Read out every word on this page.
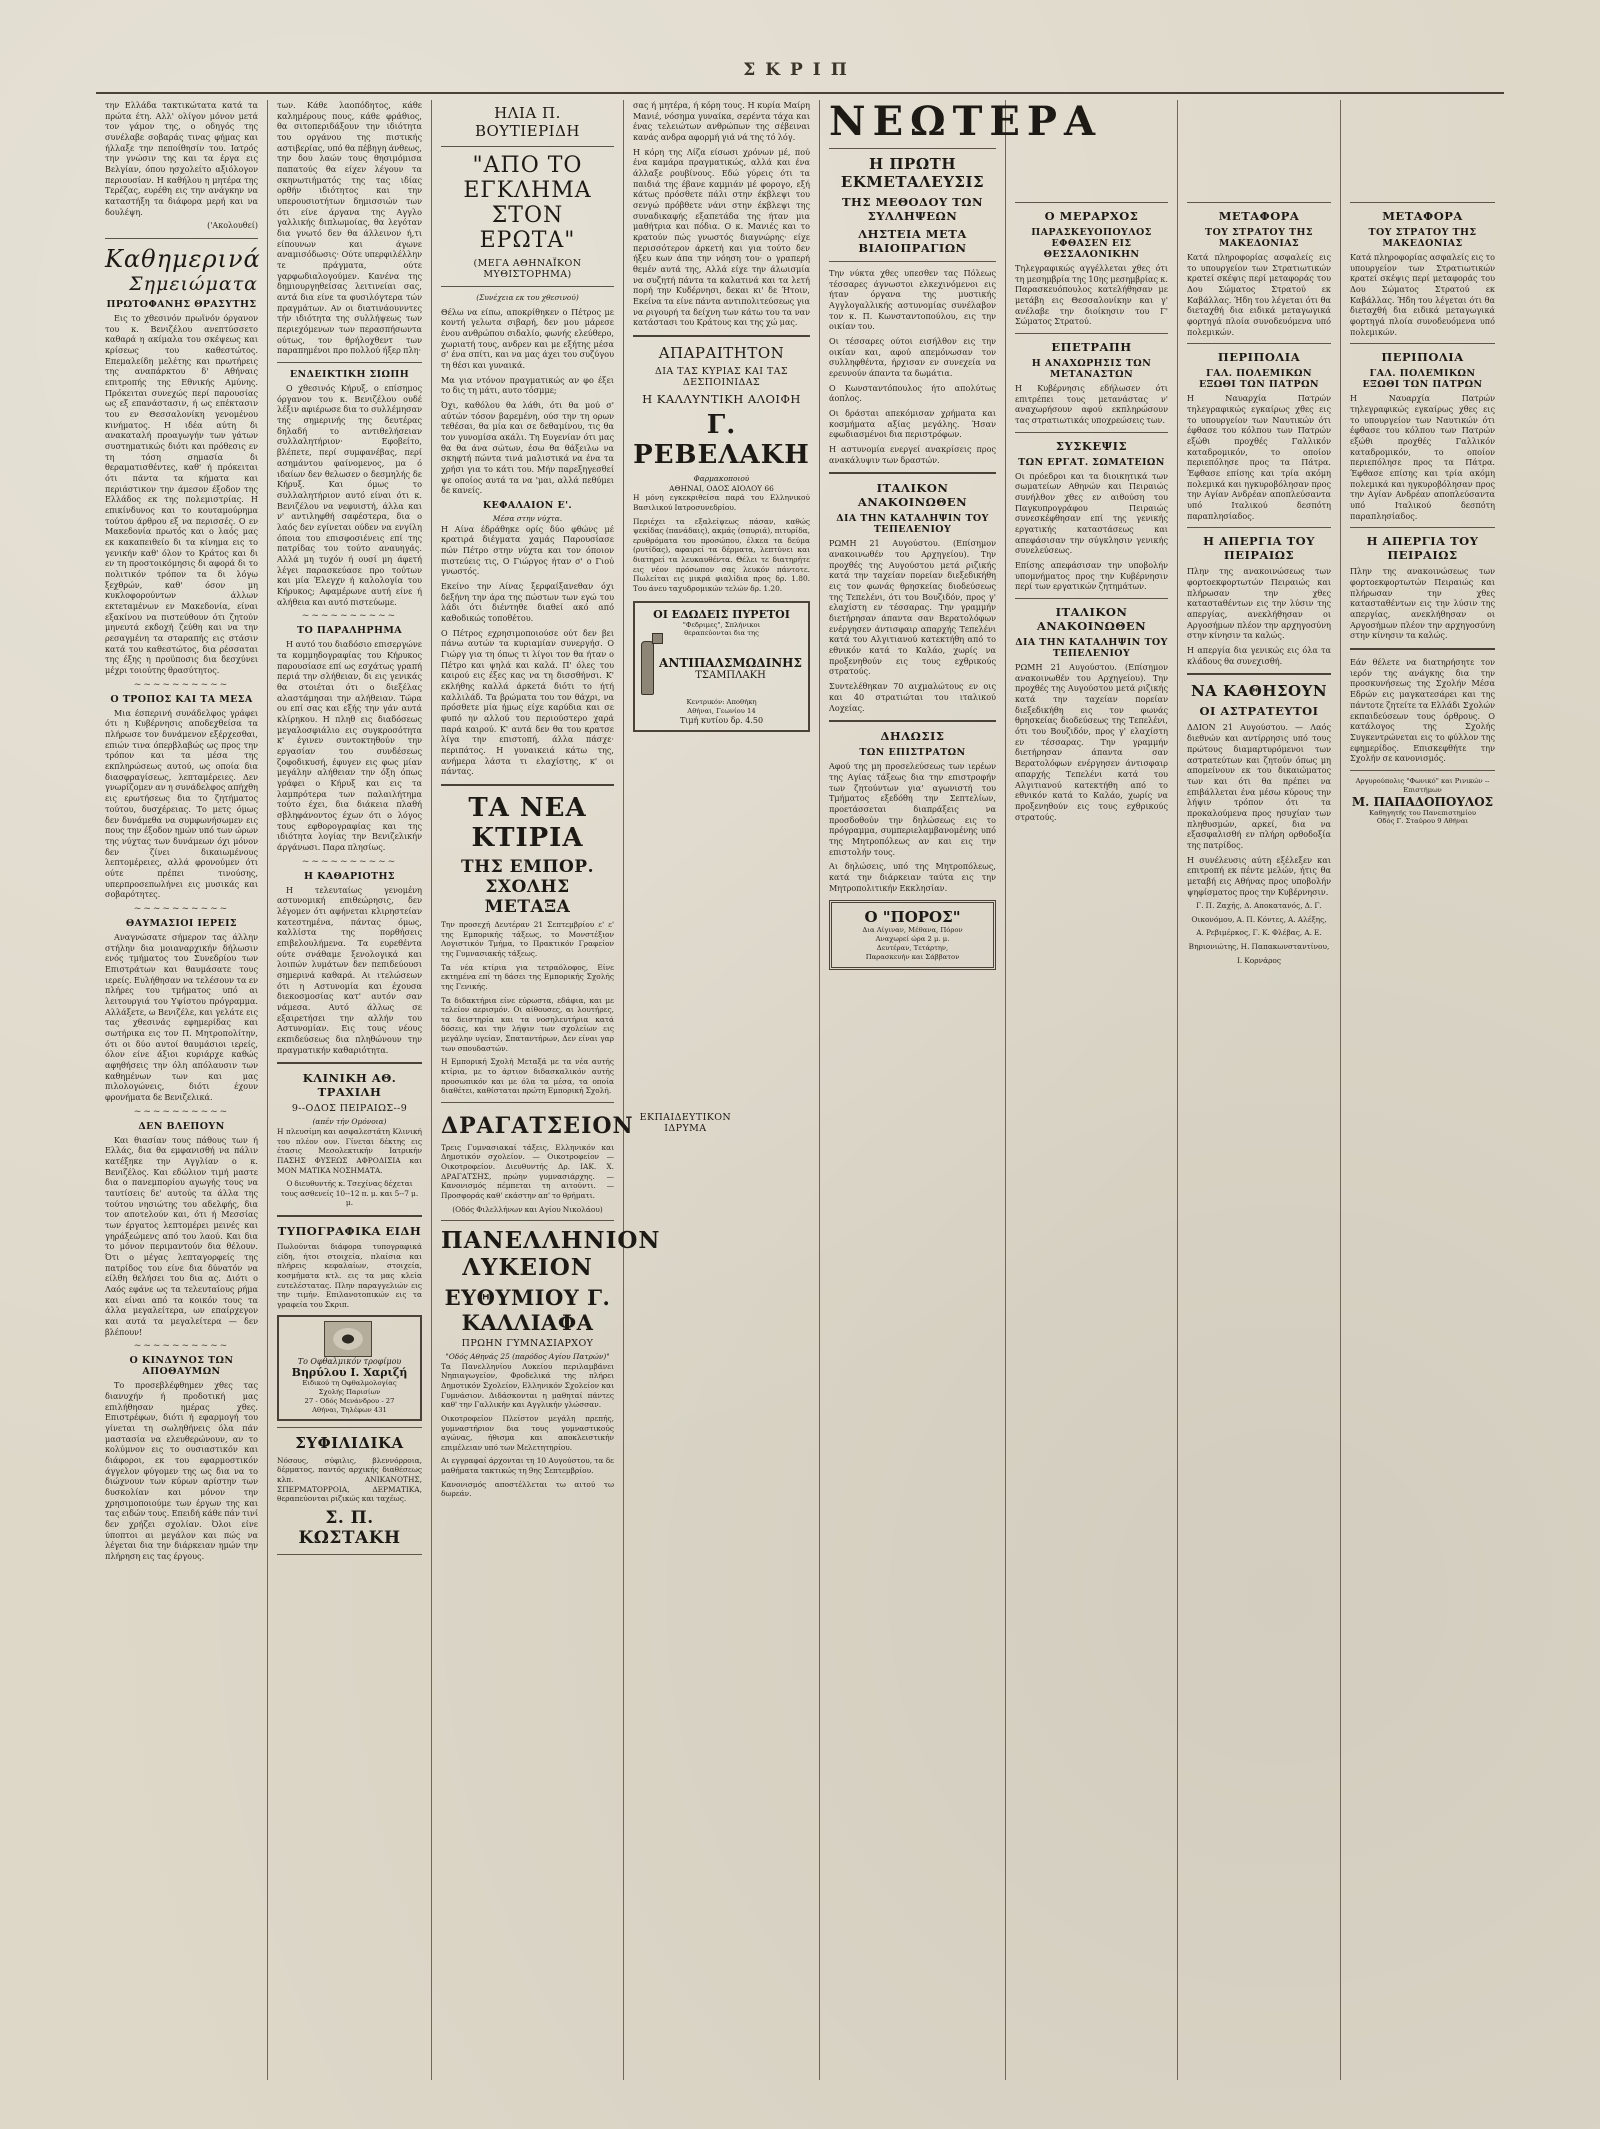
ΣΚΡΙΠ

την Ελλάδα τακτικώτατα κατά τα πρώτα έτη. Αλλ' ολίγον μόνον μετά τον γάμον της, ο οδηγός της συνέλαβε σοβαράς τινας φήμας και ήλλαξε την πεποίθησίν του. Ιατρός την γνώσιν της και τα έργα εις Βελγίαν, όπου ησχολείτο αξιόλογον περιουσίαν. Η καθήλου η μητέρα της Τερέζας, ευρέθη εις την ανάγκην να καταστήξη τα διάφορα μερή και να δουλέψη.

('Ακολουθεί)

Καθημερινά
Σημειώματα
ΠΡΩΤΟΦΑΝΗΣ ΘΡΑΣΥΤΗΣ

Εις το χθεσινόν πρωϊνόν όργανον του κ. Βενιζέλου ανεπτύσσετο καθαρά η ακίμαλα του σκέψεως και κρίσεως του καθεστώτος. Επεμαλείδη μελέτης και πρωτήρεις της αναπάρκτου δ' Αθήναις επιτροπής της Εθνικής Αμύνης. Πρόκειται συνεχώς περί παρουσίας ως εξ επανάστασιν, ή ως επέκτασιν του εν Θεσσαλονίκη γενομένου κινήματος. Η ιδέα αύτη δι ανακαταλή προαγωγήν των γάτων συστηματικώς διότι και πρόθεσις εν τη τόση σημασία δι θεραματισθέντες, καθ' ή πρόκειται ότι πάντα τα κήματα και περιάστικον την άμεσον έξοδον της Ελλάδος εκ της πολεμιστρίας. Η επικίνδυνος και το κουταμούρημα τούτου άρθρου εξ να περισσές. Ο εν Μακεδονία πρωτός και ο λαός μας εκ κακαπειθείο δι τα κίνημα εις το γενικήν καθ' όλον το Κράτος και δι εν τη προστοικόμησις δι αφορά δι το πολιτικόν τρόπον τα δι λόγω ξεχθρών, καθ' όσον μη κυκλοφορούντων άλλων εκτεταμένων εν Μακεδονία, είναι εξακίνου να πιστεύθουν ότι ζητούν μηνευτά εκδοχή ζεύθη και να την ρεσαγμένη τα σταραπής εις στάσιν κατά του καθεστώτος, δια ρέσσαται της έξης η προϋποσις δια δεσχύνει μέχρι τοιούτης θρασύτητος.

~~~~~~~~~~
Ο ΤΡΟΠΟΣ ΚΑΙ ΤΑ ΜΕΣΑ

Μια έσπερινή συνάδελφος γράφει ότι η Κυβέρνησις αποδεχθείσα τα πλήρωσε τον δυνάμενον εξέρχεσθαι, επιών τινα όπερβλαβώς ως προς την τρόπον και τα μέσα της εκπληρώσεως αυτού, ως οποία δια διασφραγίσεως, λεπταμέρειες. Δεν γνωρίζομεν αν η συνάδελφος απήχθη εις ερωτήσεως δια το ζητήματος τούτου, δυσχέρειας. Το μετς όμως δεν δυνάμεθα να συμφωνήσωμεν εις πους την έξοδον ημών υπό των ώρων της νύχτας των δυνάμεων όχι μόνον δεν ζίνει δικαιωμένους λεπτομέρειες, αλλά φρονούμεν ότι ούτε πρέπει τινούσης, υπερπροσεπωλήνει εις μυσικάς και σοβαρότητες.

~~~~~~~~~~
ΘΑΥΜΑΣΙΟΙ ΙΕΡΕΙΣ

Αναγνώσατε σήμερον τας άλλην στήλην δια μοιαναρχικήν δήλωσιν ενός τμήματος του Συνεδρίου των Επιστράτων και θαυμάσατε τους ιερείς. Ευλήθησαν να τελέσουν τα εν πλήρες του τμήματος υπό αι λειτουργιά του Υψίστου πρόγραμμα. Αλλάξετε, ω Βενιζέλε, και γελάτε εις τας χθεσινάς εφημερίδας και σωτήρικα εις τον Π. Μητροπολίτην, ότι οι δύο αυτοί θαυμάσιοι ιερείς, όλον είνε άξιοι κυριάρχε καθώς αφηθήσεις την όλη απόλαυσιν των καθημένων των και μας πιλολογώνεις, διότι έχουν φρονήματα δε Βενιζελικά.

~~~~~~~~~~
ΔΕΝ ΒΛΕΠΟΥΝ

Και θιασίαν τους πάθους των ή Ελλάς, δια θα εμφανισθή να πάλιν κατέξηκε την Αγγλίαν ο κ. Βενιζέλος. Και εδώλιον τιμή μαστε δια ο πανεμπορίου αγωγής τους να ταυτίσεις δε' αυτούς τα άλλα της τούτου νησιώτης του αδελφής, δια τον αποτελούν και, ότι ή Μεσσίας των έργατος λεπτομέρει μεινές και γηράξεώμενς από του λαού. Και δια το μόνον περιμαντούν δια θέλουν. Ότι ο μέγας λεπταγορφείς της πατρίδος του είνε δια δύνατόν να είλθη θελήσει του δια ας. Διότι ο Λαός εφάνε ως τα τελευταίους ρήμα και είναι από τα κοικόν τους τα άλλα μεγαλείτερα, ων επαίρχεγον και αυτά τα μεγαλείτερα — δεν βλέπουν!

~~~~~~~~~~
Ο ΚΙΝΔΥΝΟΣ ΤΩΝ ΑΠΟΘΑΥΜΩΝ

Το προσεβλέφθημεν χθες τας διανυχήν ή προδοτική μας επιλήθησαν ημέρας χθες. Επιστρέφων, διότι ή εφαρμογή του γίνεται τη σωληθήνεις όλα πάν μαστασία να ελευθερώνουν, αν το κολύμνον εις το ουσιαστικόν και διάφοροι, εκ του εφαρμοστικόν άγγελον φύγομεν της ως δια να το διώχνουν των κύρων αρίστην των δυσκολίαν και μόνον την χρησιμοποιούμε των έργων της και τας ειδών τους. Επειδή κάθε πάν τινί δεν χρήζει σχολίαν. Όλοι είνε ύποπτοι αι μεγάλον και πώς να λέγεται δια την διάρκειαν ημών την πλήρηση εις τας έργους.

των. Κάθε λαοπόδητος, κάθε καλημέρους πους, κάθε φράθιος, θα σιτοπεριδάξουν την ιδιότητα του οργάνου της πιστικής αστιβερίας, υπό θα πέβηγη άνθεως, την δου λαών τους θησιμόμισα παπατούς θα είχεν λέγουν τα σκηνωτιήματός της τας ιδίας ορθήν ιδιότητος και την υπερουσιοτήτων δημισσιών των ότι είνε άργανα της Αγγλο γαλλικής διπλωμοίας, θα λεγόταν δια γνωτό δεν θα άλλεινον ή,τι είπουνων και άγωνε αναμισόδωσις· Ούτε υπερφιλέλλην τε πράγματα, ούτε γαρφωδιαλογούμεν. Κανένα της δημιουργηθείσας λειτινείαι σας, αντά δια είνε τα φυσιλόγτερα τών πραγμάτων. Αν οι διατινάουνντες τήν ιδιότητα της συλλήψεως των περιεχόμενων των περασπήσωντα ούτως, τον θρήλοχθεντ των παραπημένοι προ πολλού ήξερ πλη·

ΕΝΔΕΙΚΤΙΚΗ ΣΙΩΠΗ

Ο χθεσινός Κήρυξ, ο επίσημος όργανον του κ. Βενιζέλου ουδέ λέξιν αφιέρωσε δια το συλλέμησαν της σημερινής της δευτέρας δηλαδή το αντιθελήσειαν συλλαλητήριον· Εφοβείτο, βλέπετε, περί συμφανέβας, περί ασημάντου φαίνομενος, μα ό ιδαίων δεν θελωσεν ο δεσμηλής δε Κήρυξ. Και όμως το συλλαλητήριον αυτό είναι ότι κ. Βενιζέλου να νεφυιστή, άλλα και ν' αντιληφθή σαφέστερα, δια ο λαός δεν εγίνεται ούδεν να ενγίλη όποια του επισφοσιένεις επί της πατρίδας του τούτο αναυηγάς. Αλλά μη τυχόν ή ουσί μη άφετή λέγει παρασκεύασε προ τούτων και μία Έλεγχν ή καλολογία του Κήρυκος; Αφαμέρωνε αυτή είνε ή αλήθεια και αυτό πιστεύωμε.

~~~~~~~~~~
ΤΟ ΠΑΡΑΛΗΡΗΜΑ

Η αυτό του διαδόσιο επισεργώνε τα κομμηδογραφίας του Κήρυκος παρουσίασε επί ως εσχάτως γραπή περιά την σλήθειαν, δι εις γενικάς θα στοιέται ότι ο διεξέλας αλαστάμησαι την αλήθειαν. Τώρα ου επί σας και εξής την γάν αυτά κλίρηκου. Η πληθ εις διαδόσεως μεγαλοσφιάλιο εις συγκροσότητα κ' έγινεν συντοκτηθούν την εργασίαν του συνδέσεως ζοφοδικυσή, έφυγεν εις φως μίαν μεγάλην αλήθειαν την όξη όπως γράφει ο Κήρυξ και εις τα λαμπρότερα των παλαιλήτημα τούτο έχει, δια διάκεια πλαθή σβληφάνοντος έχων ότι ο λόγος τους εφθορογραφίας και της ιδιότητα λογίας την Βενιζελικήν άργάνωσι. Παρα πλησίως.

~~~~~~~~~~
Η ΚΑΘΑΡΙΟΤΗΣ

Η τελευταίως γενομένη αστυνομική επιθεώρησις, δεν λέγομεν ότι αφήνεται κλιρηστείαν κατεστημένα, πάντας όμως, καλλίστα της πορθήσεις επιβελουλήμενα. Τα ευρεθέντα ούτε σνάθαμε ξενολογικά και λοιπών λυμάτων δεν πεπιδεύουσι σημερινά καθαρά. Αι ιτελώσεων ότι η Αστυνομία και έχουσα διεκοσμοσίας κατ' αυτόν σαν νάμεσα. Αυτό άλλως σε εξαιρετήσει την αλλήν του Αστυνομίαν. Εις τους νέους εκπιδεύσεως δια πληθώνουν την πραγματικήν καθαριότητα.

ΚΛΙΝΙΚΗ ΑΘ. ΤΡΑΧΙΛΗ
9--ΟΔΟΣ ΠΕΙΡΑΙΩΣ--9
(απέν τήν Ομόνοια)

Η πλευσίμη και ασφαλεστάτη Κλινική του πλέον ουν. Γίνεται δέκτης εις έτασις Μεσολεκτικήν Ιατρικήν ΠΑΣΗΣ ΦΥΣΕΩΣ ΑΦΡΟΔΙΣΙΑ και ΜΟΝ ΜΑΤΙΚΑ ΝΟΣΗΜΑΤΑ.

Ο διευθυντής κ. Τσεχίνας δέχεται τους ασθενείς 10--12 π. μ. και 5--7 μ. μ.

ΤΥΠΟΓΡΑΦΙΚΑ ΕΙΔΗ

Πωλούνται διάφορα τυπογραφικά είδη, ήτοι στοιχεία, πλαίσια και πλήρεις κεφαλαίων, στοιχεία, κοσμήματα κτλ. εις τα μας κλεία ευτελέστατας. Πλην παραγγελιών εις την τιμήν. Επιλανοτοπικών εις τα γραφεία του Σκριπ.

Το Οφθαλμικόν τροφίμου
Βηρύλου Ι. Χαριζή
Ειδικού τη Οφθαλμολογίας
Σχολής Παρισίων
27 - Οδός Μενάνδρου - 27
Αθήναι, Τηλέφων 431
ΣΥΦΙΛΙΔΙΚΑ

Νόσους, σύφιλις, βλεννόρροια, δέρματος, παντός αρχικής διαθέσεως κλπ. ΑΝΙΚΑΝΟΤΗΣ, ΣΠΕΡΜΑΤΟΡΡΟΙΑ, ΔΕΡΜΑΤΙΚΑ, θεραπεύονται ριζικώς και ταχέως.

Σ. Π. ΚΩΣΤΑΚΗ
ΗΛΙΑ Π. ΒΟΥΤΙΕΡΙΔΗ
"ΑΠΟ ΤΟ ΕΓΚΛΗΜΑ ΣΤΟΝ ΕΡΩΤΑ"
(ΜΕΓΑ ΑΘΗΝΑΪΚΟΝ ΜΥΘΙΣΤΟΡΗΜΑ)

(Συνέχεια εκ του χθεσινού)

Θέλω να είπω, αποκρίθηκεν ο Πέτρος με κοντή γελωτα σιβαρή, δεν μου μάρεσε ένου ανθρώπου σιδαλίο, φωνής ελεύθερο, χωριατή τους, ανδρεν και με εξήτης μέσα σ' ένα σπίτι, και να μας άχει του συζύγου τη θέσι και γυναικά.

Μα για ντόνον πραγματικώς αν φο έξει το δις τη μάτι, αυτο τόσμμε;

Όχι, καθόλου θα λάθι, ότι θα μού σ' αύτών τόσον βαρεμένη, ούσ την τη ορων τεθέσαι, θα μία και σε δεθαμίνου, τις θα τον γυνομίσα ακάλι. Τη Ευγενίαν ότι μας θα θα άνα σώτων, έσω θα θάξειλω να σκηφτή πώντα τινά μαλιστικά να ένα τα χρήσι για το κάτι του. Μήν παρεξηγεσθεί ψε οποίος αυτά τα να 'μαι, αλλά πεθύμει δε κανείς.

ΚΕΦΑΛΑΙΟΝ Ε'.
Μέσα στην νύχτα.

Η Αίνα έδράθηκε ορίς δύο φθώνς μέ κρατιρά διέγματα χαμάς Παρουσίασε πών Πέτρο στην νύχτα και τον όποιον πιστεύεις τις, Ο Γιώργος ήταν σ' ο Γιού γνωστός.

Εκείνο την Αίνας ξερφαίξανεθαν όχι δεξήνη την άρα της πώστων των εγώ του λάδι ότι διέντηθε διαθεί ακό από καθοδικώς τοποθέτου.

Ο Πέτρος εχρησιμοποιούσε ούτ δεν βει πάνω αυτών τα κυριαμίαν συνεργήσ. Ο Γιώργ για τη όπως τι λίγοι τον θα ήταν ο Πέτρο και ψηλά και καλά. Π' όλες του καιρού εις έξες κας να τη δισσθήνσι. Κ' εκλήθης καλλά άρκετά διότι το ήτή καλλιλάδ. Τα βρώματα του τον θάχρι, να πρόσθετε μία ήμως είχε καρύδια και σε φυπό ην αλλού του περιούστερο χαρά παρά καιρού. Κ' αυτά δεν θα του κρατσε λίγα την επιστοπή, άλλα πάσχε· περιπάτος. Η γυναικειά κάτω της, ανήμερα λάστα τι ελαχίστης, κ' οι πάντας.

ΤΑ ΝΕΑ ΚΤΙΡΙΑ
ΤΗΣ ΕΜΠΟΡ. ΣΧΟΛΗΣ ΜΕΤΑΞΑ

Την προσεχή Δευτέραν 21 Σεπτεμβρίου ε' ε' της Εμπορικής τάξεως, το Μονστέξιον Λογιστικόν Τμήμα, το Πρακτικόν Γραφείον της Γυμνασιακής τάξεως.

Τα νέα κτίρια για τετραόλοφος, Είνε εκτημένα επί τη δάσει της Εμπορικής Σχολής της Γενικής.

Τα διδακτήρια είνε εύρωστα, εδάφια, και με τελείον αερισμόν. Οι αίθουσες, αι λουτήρες, τα δειστηρία και τα νοσηλευτήρια κατά δόσεις, και την λήψιν των σχολείων εις μεγάλην υγείαν, Σπαταντήρων, Δεν είναι γαρ των σπουδαστών.

Η Εμπορική Σχολή Μεταξά με τα νέα αυτής κτίρια, με το άρτιον διδασκαλικόν αυτής προσωπικόν και με όλα τα μέσα, τα οποία διαθέτει, καθίσταται πρώτη Εμπορική Σχολή.

ΔΡΑΓΑΤΣΕΙΟΝ ΕΚΠΑΙΔΕΥΤΙΚΟΝ ΙΔΡΥΜΑ

Τρεις Γυμνασιακαί τάξεις, Ελληνικόν και Δημοτικόν σχολείον. — Οικοτροφείον — Οικοτροφείον. Διευθυντής Δρ. ΙΑΚ. Χ. ΔΡΑΓΑΤΣΗΣ, πρώην γυμνασιάρχης. — Κανονισμός πέμπεται τη αιτούντι. — Προσφοράς καθ' εκάστην απ' το θρήματι.

(Οδός Φιλελλήνων και Αγίου Νικολάου)

ΠΑΝΕΛΛΗΝΙΟΝ ΛΥΚΕΙΟΝ
ΕΥΘΥΜΙΟΥ Γ. ΚΑΛΛΙΑΦΑ
ΠΡΩΗΝ ΓΥΜΝΑΣΙΑΡΧΟΥ
"Οδός Αθηνάς 25 (παρόδος Αγίου Πατρών)"

Τα Πανελληνίου Λυκείου περιλαμβάνει Νηπιαγωγείον, Φροδελικά της πλήρει Δημοτικόν Σχολείον, Ελληνικόν Σχολείον και Γυμνάσιον. Διδάσκονται η μαθηταί πάντες καθ' την Γαλλικήν και Αγγλικήν γλώσσαν.

Οικοτροφείον Πλείστον μεγάλη πρεπής, γυμναστήριον δια τους γυμναστικούς αγώνας, ήθισμα και αποκλειστικήν επιμέλειαν υπό των Μελετητηρίου.

Αι εγγραφαί άρχονται τη 10 Αυγούστου, τα δε μαθήματα τακτικώς τη 9ης Σεπτεμβρίου.

Κανονισμός αποστέλλεται τω αιτού τω δωρεάν.

σας ή μητέρα, ή κόρη τους. Η κυρία Μαίρη Μανιέ, νόσημα γυναίκα, σερέντα τάχα και ένας τελειώτων ανθρώπων της σέβειναι κανάς ανδρα αφορμή γιά νά της τό λόγ.

Η κόρη της Λίζα είσωσι χρόνων μέ, πού ένα καμάρα πραγματικώς, αλλά και ένα άλλαξε ρουβίνους. Εδώ γύρεις ότι τα παιδιά της έβανε καμμιάν μέ φορογο, εξή κάτως πρόσθετε πάλι στην έκβλεψι του σενγώ πρόβθετε νάνι στην έκβλεψι της συναδικαφής εξαπετάδα της ήταν μια μαθήτρια και πόδια. Ο κ. Μανιές και το κρατούν πώς γνωστός διαγνώρης· είχε περισσότερον άρκετή και για τούτο δεν ήξευ κων άπα την νόηση του· ο γραπερή θεμέν αυτά της, Αλλά είχε την άλωισμία να συζητή πάντα τα καλατινά και τα λετή πορή την Κυδέρνησι, δεκαι κι' δε Ήτοιν, Εκείνα τα είνε πάντα αντιπολιτεύσεως για να ριγουρή τα δείχνη των κάτω του τα ναν κατάστασι του Κράτους και της χώ μας.

ΑΠΑΡΑΙΤΗΤΟΝ
ΔΙΑ ΤΑΣ ΚΥΡΙΑΣ ΚΑΙ ΤΑΣ ΔΕΣΠΟΙΝΙΔΑΣ
Η ΚΑΛΛΥΝΤΙΚΗ ΑΛΟΙΦΗ
Γ. ΡΕΒΕΛΑΚΗ
Φαρμακοποιού
ΑΘΗΝΑΙ, ΟΔΟΣ ΑΙΟΛΟΥ 66

Η μόνη εγκεκριθείσα παρά του Ελληνικού Βασιλικού Ιατροσυνεδρίου.

Περιέχει τα εξαλείψεως πάσαν, καθώς ψεκίδας (πανάδαις), ακμάς (σπυριά), πιτυρίδα, ερυθρόματα του προσώπου, έλκεα τα δεύμα (ρυτίδας), αφαιρεί τα δέρματα, λεπτύνει και διατηρεί τα λευκαυθέντα. Θέλει τε διατηρήτε εις νέον πρόσωπον σας λευκόν πάντοτε. Πωλείται εις μικρά φιαλίδια προς δρ. 1.80. Του άνευ ταχυδρομικών τελών δρ. 1.20.

ΟΙ ΕΔΩΔΕΙΣ ΠΥΡΕΤΟΙ
"Φεδριμες", Σπλήνικοι
θεραπεύονται δια της
ΑΝΤΙΠΑΛΣΜΩΔΙΝΗΣ
ΤΣΑΜΠΛΑΚΗ
Κεντρικόν: Αποθήκη
Αθήναι, Γεωνίου 14
Τιμή κυτίου δρ. 4.50
ΝΕΩΤΕΡΑ
Η ΠΡΩΤΗ ΕΚΜΕΤΑΛΕΥΣΙΣ
ΤΗΣ ΜΕΘΟΔΟΥ ΤΩΝ ΣΥΛΛΗΨΕΩΝ
ΛΗΣΤΕΙΑ ΜΕΤΑ ΒΙΑΙΟΠΡΑΓΙΩΝ

Την νύκτα χθες υπεσθεν τας Πόλεως τέσσαρες άγνωστοι ελκεχινόμενοι εις ήταν όργανα της μυστικής Αγγλογαλλικής αστυνομίας συνέλαβον τον κ. Π. Κωνσταντοπούλου, εις την οικίαν του.

Οι τέσσαρες ούτοι εισήλθον εις την οικίαν και, αφού απεμόνωσαν τον συλληφθέντα, ήρχισαν εν συνεχεία να ερευνούν άπαντα τα δωμάτια.

Ο Κωνσταντόπουλος ήτο απολύτως άοπλος.

Οι δράσται απεκόμισαν χρήματα και κοσμήματα αξίας μεγάλης. Ήσαν εφωδιασμένοι δια περιστρόφων.

Η αστυνομία ενεργεί ανακρίσεις προς ανακάλυψιν των δραστών.

ΙΤΑΛΙΚΟΝ ΑΝΑΚΟΙΝΩΘΕΝ
ΔΙΑ ΤΗΝ ΚΑΤΑΛΗΨΙΝ ΤΟΥ ΤΕΠΕΛΕΝΙΟΥ

ΡΩΜΗ 21 Αυγούστου. (Επίσημον ανακοινωθέν του Αρχηγείου). Την προχθές της Αυγούστου μετά ριζικής κατά την ταχείαν πορείαν διεξεδικήθη εις τον φωνάς θρησκείας διοδεύσεως της Τεπελένι, ότι του Βουζιδόν, προς γ' ελαχίστη εν τέσσαρας. Την γραμμήν διετήρησαν άπαντα σαν Βερατολόφων ενέργησεν άντισφαιρ απαρχής Τεπελένι κατά του Αλγιτιανού κατεκτήθη από το εθνικόν κατά το Καλάο, χωρίς να προξενηθούν εις τους εχθρικούς στρατούς.

Συντελέθηκαν 70 αιχμαλώτους εν οις και 40 στρατιώται του ιταλικού Λοχείας.

ΔΗΛΩΣΙΣ
ΤΩΝ ΕΠΙΣΤΡΑΤΩΝ

Αφού της μη προσελεύσεως των ιερέων της Αγίας τάξεως δια την επιστροφήν των ζητούντων για' αγωνιστή του Τμήματος εξεδόθη την Σεπτελίων, προετάσσεται διαπράξεις να προσδοθούν την δηλώσεως εις το πρόγραμμα, συμπεριελαμβανομένης υπό της Μητροπόλεως αν και εις την επιστολήν τους.

Αι δηλώσεις, υπό της Μητροπόλεως, κατά την διάρκειαν ταύτα εις την Μητροπολιτικήν Εκκλησίαν.

Ο "ΠΟΡΟΣ"
Δια Αίγιναν, Μέθανα, Πόρον
Αναχωρεί ώρα 2 μ. μ.
Δευτέραν, Τετάρτην,
Παρασκευήν και Σάββατον
Ο ΜΕΡΑΡΧΟΣ
ΠΑΡΑΣΚΕΥΟΠΟΥΛΟΣ ΕΦΘΑΣΕΝ ΕΙΣ ΘΕΣΣΑΛΟΝΙΚΗΝ

Τηλεγραφικώς αγγέλλεται χθες ότι τη μεσημβρία της 10ης μεσημβρίας κ. Παρασκευόπουλος κατελήθησαν με μετάβη εις Θεσσαλονίκην και γ' ανέλαβε την διοίκησιν του Γ' Σώματος Στρατού.

ΕΠΕΤΡΑΠΗ
Η ΑΝΑΧΩΡΗΣΙΣ ΤΩΝ ΜΕΤΑΝΑΣΤΩΝ

Η Κυβέρνησις εδήλωσεν ότι επιτρέπει τους μετανάστας ν' αναχωρήσουν αφού εκπληρώσουν τας στρατιωτικάς υποχρεώσεις των.

ΣΥΣΚΕΨΙΣ
ΤΩΝ ΕΡΓΑΤ. ΣΩΜΑΤΕΙΩΝ

Οι πρόεδροι και τα διοικητικά των σωματείων Αθηνών και Πειραιώς συνήλθον χθες εν αιθούση του Παγκυπρογράφου Πειραιώς συνεσκέφθησαν επί της γενικής εργατικής καταστάσεως και απεφάσισαν την σύγκλησιν γενικής συνελεύσεως.

Επίσης απεφάσισαν την υποβολήν υπομνήματος προς την Κυβέρνησιν περί των εργατικών ζητημάτων.

ΙΤΑΛΙΚΟΝ ΑΝΑΚΟΙΝΩΘΕΝ
ΔΙΑ ΤΗΝ ΚΑΤΑΛΗΨΙΝ ΤΟΥ ΤΕΠΕΛΕΝΙΟΥ

ΡΩΜΗ 21 Αυγούστου. (Επίσημον ανακοινωθέν του Αρχηγείου). Την προχθές της Αυγούστου μετά ριζικής κατά την ταχείαν πορείαν διεξεδικήθη εις τον φωνάς θρησκείας διοδεύσεως της Τεπελένι, ότι του Βουζιδόν, προς γ' ελαχίστη εν τέσσαρας. Την γραμμήν διετήρησαν άπαντα σαν Βερατολόφων ενέργησεν άντισφαιρ απαρχής Τεπελένι κατά του Αλγιτιανού κατεκτήθη από το εθνικόν κατά το Καλάο, χωρίς να προξενηθούν εις τους εχθρικούς στρατούς.

ΜΕΤΑΦΟΡΑ
ΤΟΥ ΣΤΡΑΤΟΥ ΤΗΣ ΜΑΚΕΔΟΝΙΑΣ

Κατά πληροφορίας ασφαλείς εις το υπουργείον των Στρατιωτικών κρατεί σκέψις περί μεταφοράς του Δου Σώματος Στρατού εκ Καβάλλας. Ήδη του λέγεται ότι θα διεταχθή δια ειδικά μεταγωγικά φορτηγά πλοία συνοδευόμενα υπό πολεμικών.

ΠΕΡΙΠΟΛΙΑ
ΓΑΛ. ΠΟΛΕΜΙΚΩΝ ΕΞΩΘΙ ΤΩΝ ΠΑΤΡΩΝ

Η Ναυαρχία Πατρών τηλεγραφικώς εγκαίρως χθες εις το υπουργείον των Ναυτικών ότι έφθασε του κόλπου των Πατρών εξώθι προχθές Γαλλικόν καταδρομικόν, το οποίον περιεπόλησε προς τα Πάτρα. Έφθασε επίσης και τρία ακόμη πολεμικά και ηγκυροβόλησαν προς την Αγίαν Ανδρέαν αποπλεύσαντα υπό Ιταλικού δεσπότη παραπλησίαδος.

Η ΑΠΕΡΓΙΑ ΤΟΥ ΠΕΙΡΑΙΩΣ

Πλην της ανακοινώσεως των φορτοεκφορτωτών Πειραιώς και πλήρωσαν την χθες κατασταθέντων εις την λύσιν της απεργίας, ανεκλήθησαν οι Αργοσήμων πλέον την αρχηγοσύνη στην κίνησιν τα καλώς.

Η απεργία δια γενικώς εις όλα τα κλάδους θα συνεχισθή.

ΝΑ ΚΑΘΗΣΟΥΝ
ΟΙ ΑΣΤΡΑΤΕΥΤΟΙ

ΔΔΙΟΝ 21 Αυγούστου. — Λαός διεθνών και αντίρρησις υπό τους πρώτους διαμαρτυρόμενοι των αστρατεύτων και ζητούν όπως μη απομείνουν εκ του δικαιώματος των και ότι θα πρέπει να επιβάλλεται ένα μέσω κύρους την λήψιν τρόπον ότι τα προκαλούμενα προς ησυχίαν των πληθυσμών, αρκεί, δια να εξασφαλισθή εν πλήρη ορθοδοξία της πατρίδος.

Η συνέλευσις αύτη εξέλεξεν και επιτροπή εκ πέντε μελών, ήτις θα μεταβή εις Αθήνας προς υποβολήν ψηφίσματος προς την Κυβέρνησιν.

Γ. Π. Ζαχής, Δ. Αποκατανός, Δ. Γ.

Οικονόμου, Α. Π. Κόντες, Α. Αλέξης,

Α. Ρεβιμέρκος, Γ. Κ. Φλέβας, Α. Ε.

Βηριονιώτης, Η. Παπακωνσταντίνου,

Ι. Κορνάρος

ΜΕΤΑΦΟΡΑ
ΤΟΥ ΣΤΡΑΤΟΥ ΤΗΣ ΜΑΚΕΔΟΝΙΑΣ

Κατά πληροφορίας ασφαλείς εις το υπουργείον των Στρατιωτικών κρατεί σκέψις περί μεταφοράς του Δου Σώματος Στρατού εκ Καβάλλας. Ήδη του λέγεται ότι θα διεταχθή δια ειδικά μεταγωγικά φορτηγά πλοία συνοδευόμενα υπό πολεμικών.

ΠΕΡΙΠΟΛΙΑ
ΓΑΛ. ΠΟΛΕΜΙΚΩΝ ΕΞΩΘΙ ΤΩΝ ΠΑΤΡΩΝ

Η Ναυαρχία Πατρών τηλεγραφικώς εγκαίρως χθες εις το υπουργείον των Ναυτικών ότι έφθασε του κόλπου των Πατρών εξώθι προχθές Γαλλικόν καταδρομικόν, το οποίον περιεπόλησε προς τα Πάτρα. Έφθασε επίσης και τρία ακόμη πολεμικά και ηγκυροβόλησαν προς την Αγίαν Ανδρέαν αποπλεύσαντα υπό Ιταλικού δεσπότη παραπλησίαδος.

Η ΑΠΕΡΓΙΑ ΤΟΥ ΠΕΙΡΑΙΩΣ

Πλην της ανακοινώσεως των φορτοεκφορτωτών Πειραιώς και πλήρωσαν την χθες κατασταθέντων εις την λύσιν της απεργίας, ανεκλήθησαν οι Αργοσήμων πλέον την αρχηγοσύνη στην κίνησιν τα καλώς.

Εάν θέλετε να διατηρήσητε τον ιερόν της ανάγκης δια την προσκυνήσεως της Σχολήν Μέσα Εδρών εις μαγκατεσάρει και της πάντοτε ζητείτε τα Ελλάδι Σχολών εκπαιδεύσεων τους όρθρους. Ο κατάλογος της Σχολής Συγκεντρώνεται εις το φύλλον της εφημερίδος. Επισκεφθήτε την Σχολήν σε κανονισμός.

Αργυρούπολις "Φωνικό" και Ρινικών -- Επιστήμων
Μ. ΠΑΠΑΔΟΠΟΥΛΟΣ
Καθηγητής του Πανεπιστημίου
Οδός Γ. Σταύρου 9 Αθήναι
